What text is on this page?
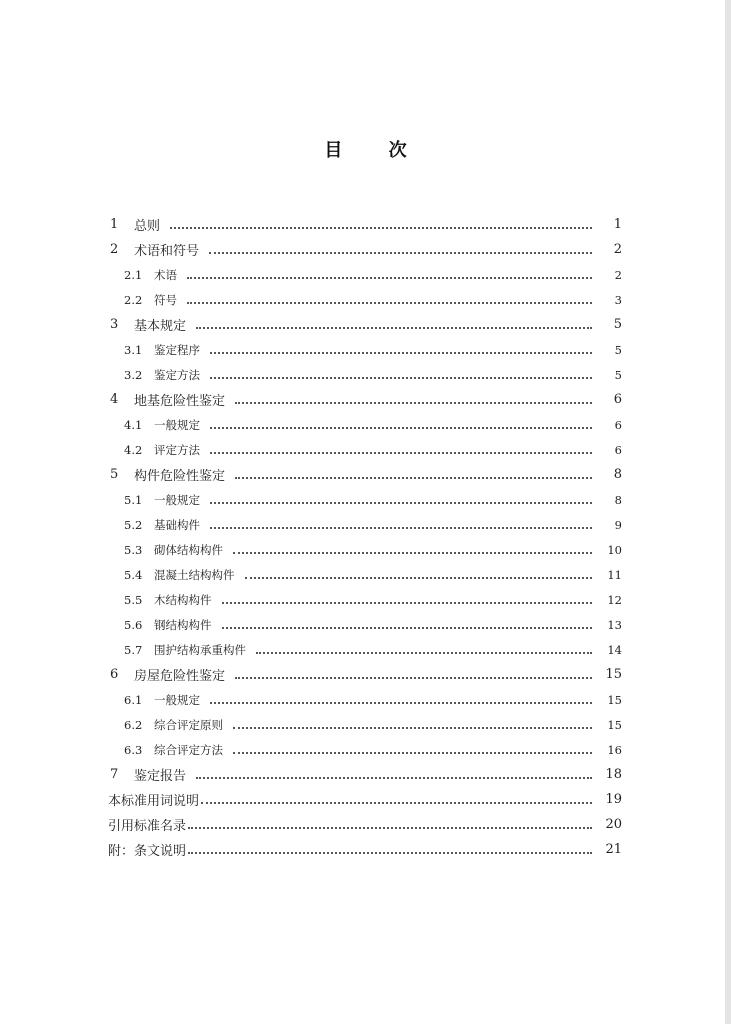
目 次
1	总则	1
2	术语和符号	2
2.1	术语	2
2.2	符号	3
3	基本规定	5
3.1	鉴定程序	5
3.2	鉴定方法	5
4	地基危险性鉴定	6
4.1	一般规定	6
4.2	评定方法	6
5	构件危险性鉴定	8
5.1	一般规定	8
5.2	基础构件	9
5.3	砌体结构构件	10
5.4	混凝土结构构件	11
5.5	木结构构件	12
5.6	钢结构构件	13
5.7	围护结构承重构件	14
6	房屋危险性鉴定	15
6.1	一般规定	15
6.2	综合评定原则	15
6.3	综合评定方法	16
7	鉴定报告	18
本标准用词说明	19
引用标准名录	20
附：条文说明	21
